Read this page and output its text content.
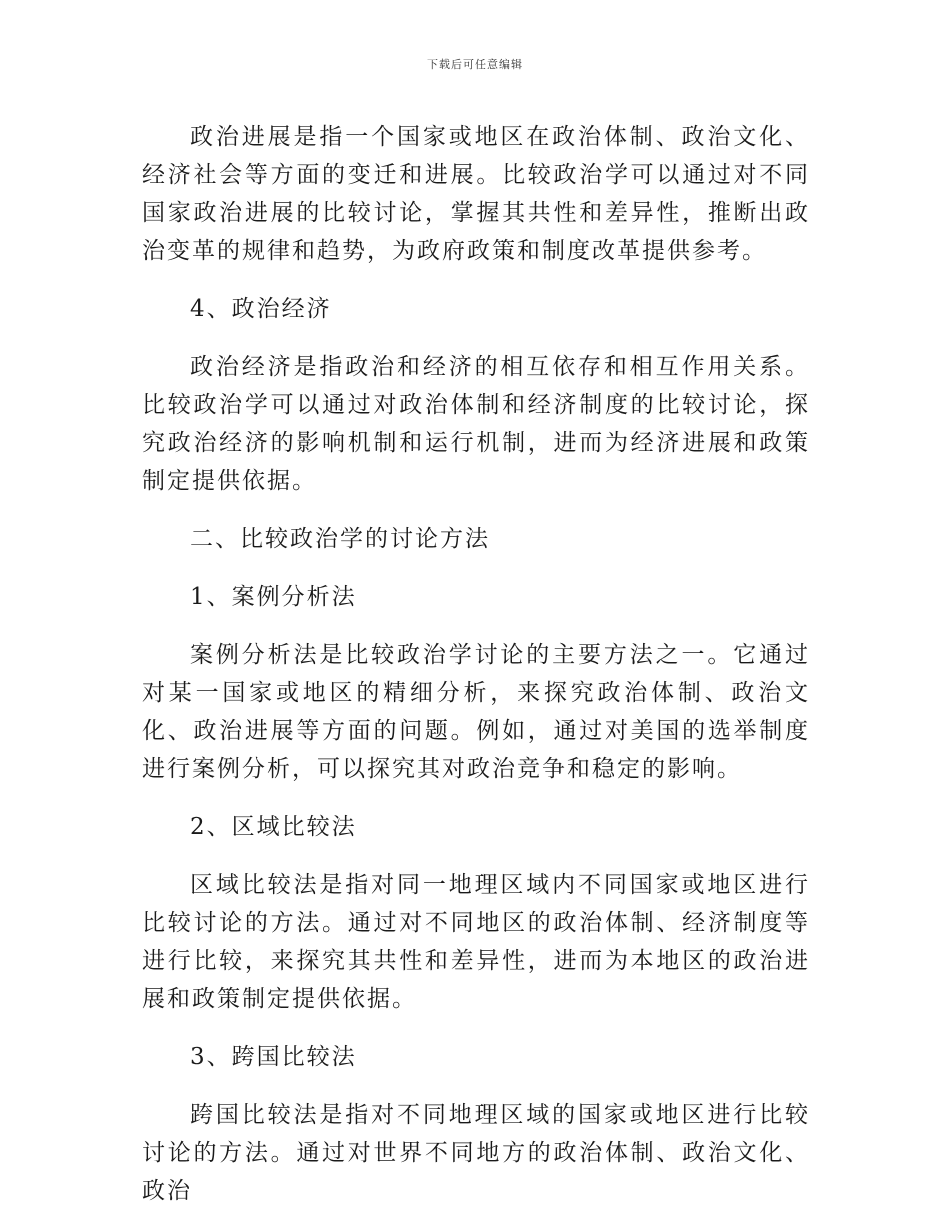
下载后可任意编辑

政治进展是指一个国家或地区在政治体制、政治文化、经济社会等方面的变迁和进展。比较政治学可以通过对不同国家政治进展的比较讨论，掌握其共性和差异性，推断出政治变革的规律和趋势，为政府政策和制度改革提供参考。

4、政治经济

政治经济是指政治和经济的相互依存和相互作用关系。比较政治学可以通过对政治体制和经济制度的比较讨论，探究政治经济的影响机制和运行机制，进而为经济进展和政策制定提供依据。

二、比较政治学的讨论方法

1、案例分析法

案例分析法是比较政治学讨论的主要方法之一。它通过对某一国家或地区的精细分析，来探究政治体制、政治文化、政治进展等方面的问题。例如，通过对美国的选举制度进行案例分析，可以探究其对政治竞争和稳定的影响。

2、区域比较法

区域比较法是指对同一地理区域内不同国家或地区进行比较讨论的方法。通过对不同地区的政治体制、经济制度等进行比较，来探究其共性和差异性，进而为本地区的政治进展和政策制定提供依据。

3、跨国比较法

跨国比较法是指对不同地理区域的国家或地区进行比较讨论的方法。通过对世界不同地方的政治体制、政治文化、政治
